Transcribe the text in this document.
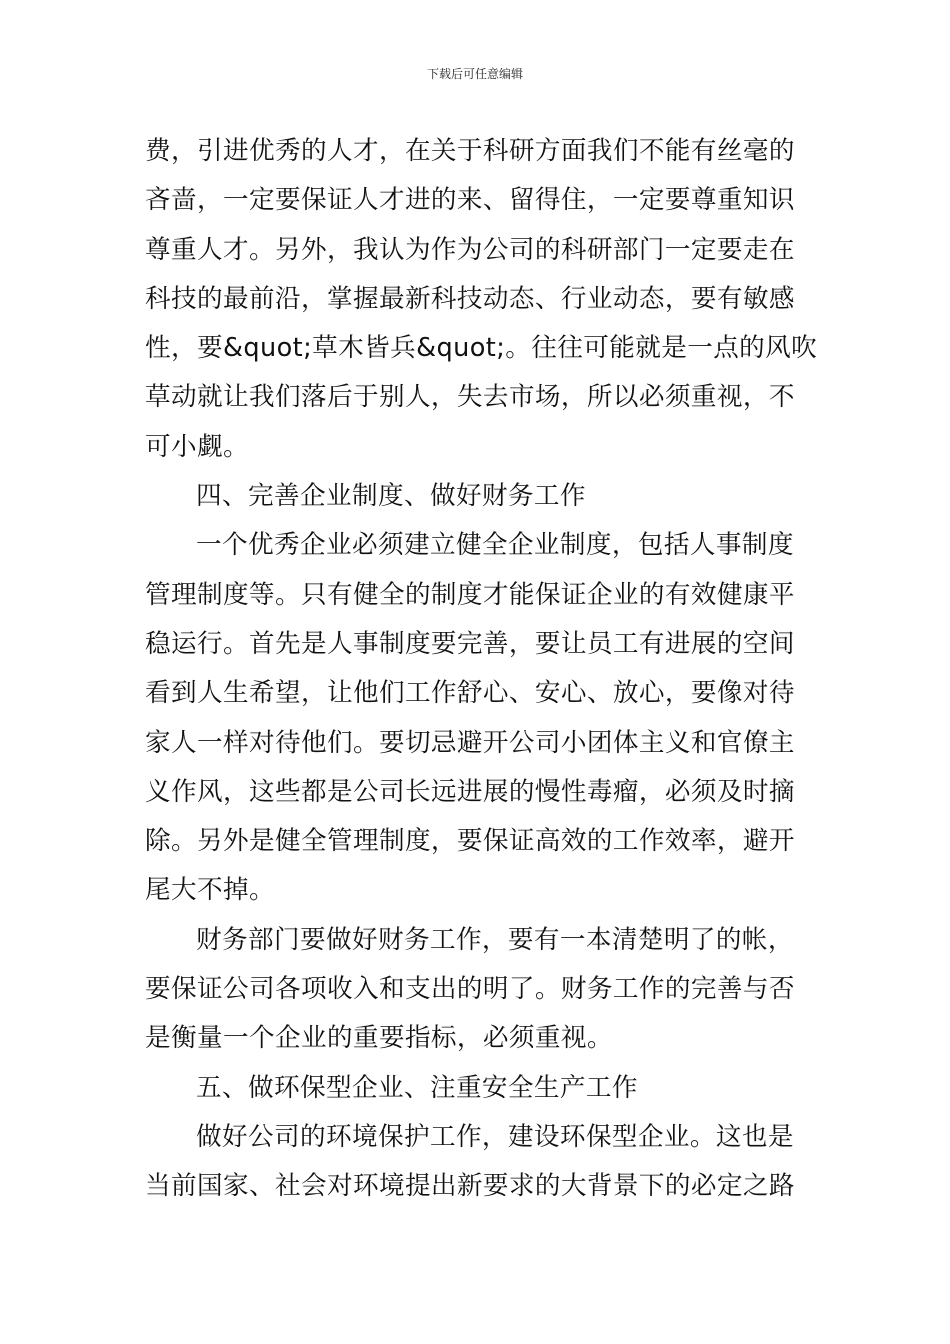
下载后可任意编辑
费，引进优秀的人才，在关于科研方面我们不能有丝毫的
吝啬，一定要保证人才进的来、留得住，一定要尊重知识
尊重人才。另外，我认为作为公司的科研部门一定要走在
科技的最前沿，掌握最新科技动态、行业动态，要有敏感
性，要&quot;草木皆兵&quot;。往往可能就是一点的风吹
草动就让我们落后于别人，失去市场，所以必须重视，不
可小觑。
四、完善企业制度、做好财务工作
一个优秀企业必须建立健全企业制度，包括人事制度
管理制度等。只有健全的制度才能保证企业的有效健康平
稳运行。首先是人事制度要完善，要让员工有进展的空间
看到人生希望，让他们工作舒心、安心、放心，要像对待
家人一样对待他们。要切忌避开公司小团体主义和官僚主
义作风，这些都是公司长远进展的慢性毒瘤，必须及时摘
除。另外是健全管理制度，要保证高效的工作效率，避开
尾大不掉。
财务部门要做好财务工作，要有一本清楚明了的帐，
要保证公司各项收入和支出的明了。财务工作的完善与否
是衡量一个企业的重要指标，必须重视。
五、做环保型企业、注重安全生产工作
做好公司的环境保护工作，建设环保型企业。这也是
当前国家、社会对环境提出新要求的大背景下的必定之路
